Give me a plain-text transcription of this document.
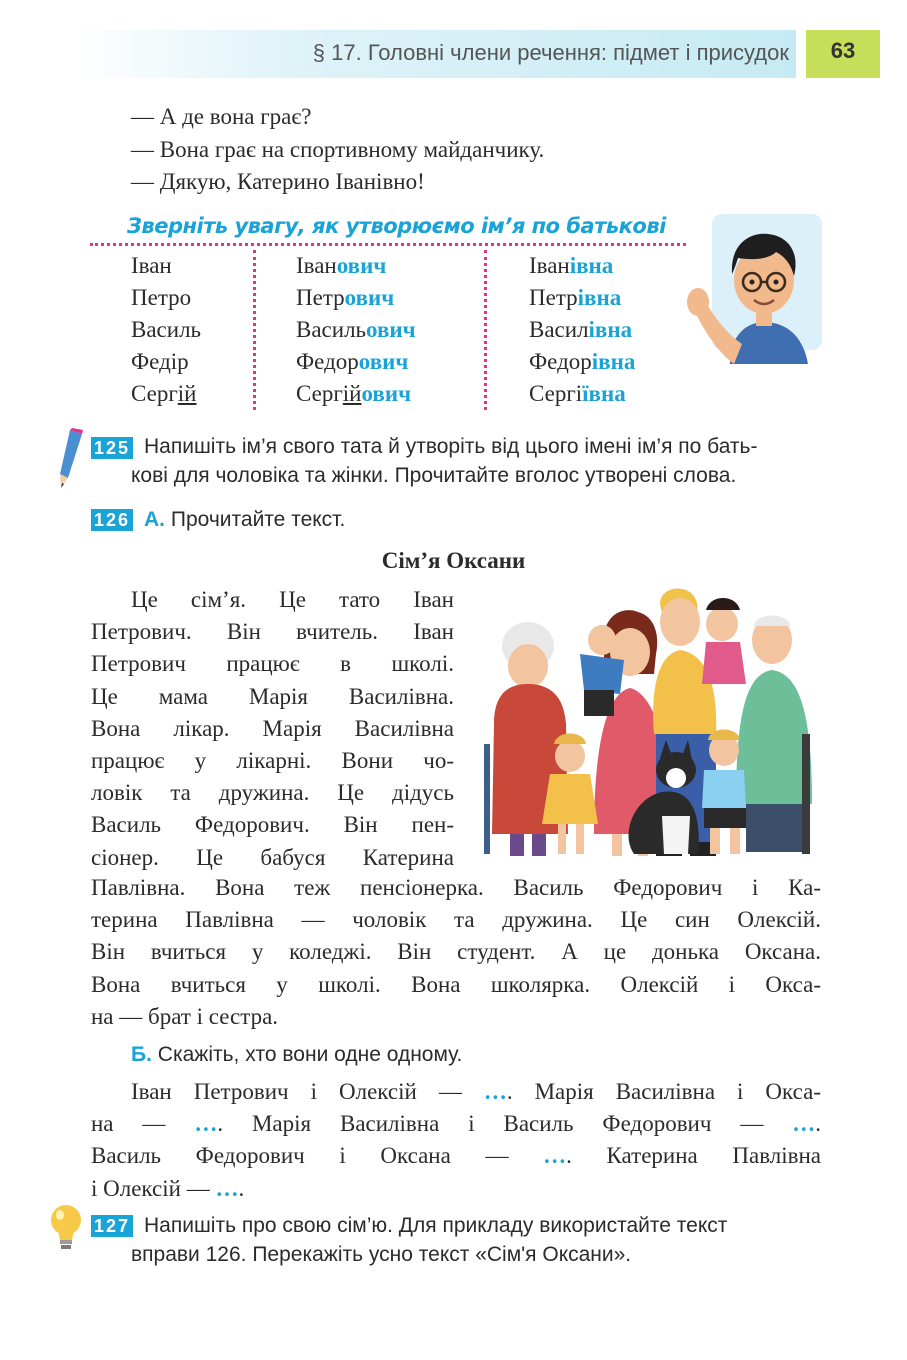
§ 17. Головні члени речення: підмет і присудок	63
— А де вона грає?
— Вона грає на спортивному майданчику.
— Дякую, Катерино Іванівно!
Зверніть увагу, як утворюємо ім’я по батькові
Іван
Петро
Василь
Федір
Сергій
Іванович
Петрович
Васильович
Федорович
Сергійович
Іванівна
Петрівна
Василівна
Федорівна
Сергіївна
125 Напишіть ім’я свого тата й утворіть від цього імені ім’я по бать-
кові для чоловіка та жінки. Прочитайте вголос утворені слова.
126 А. Прочитайте текст.
Сім’я Оксани
Це сім’я. Це тато Іван
Петрович. Він вчитель. Іван
Петрович працює в школі.
Це мама Марія Василівна.
Вона лікар. Марія Василівна
працює у лікарні. Вони чо-
ловік та дружина. Це дідусь
Василь Федорович. Він пен-
сіонер. Це бабуся Катерина
Павлівна. Вона теж пенсіонерка. Василь Федорович і Ка-
терина Павлівна — чоловік та дружина. Це син Олексій.
Він вчиться у коледжі. Він студент. А це донька Оксана.
Вона вчиться у школі. Вона школярка. Олексій і Окса-
на — брат і сестра.
Б. Скажіть, хто вони одне одному.
Іван Петрович і Олексій — …. Марія Василівна і Окса-
на — …. Марія Василівна і Василь Федорович — ….
Василь Федорович і Оксана — …. Катерина Павлівна
і Олексій — ….
127 Напишіть про свою сім’ю. Для прикладу використайте текст
вправи 126. Перекажіть усно текст «Сім'я Оксани».
